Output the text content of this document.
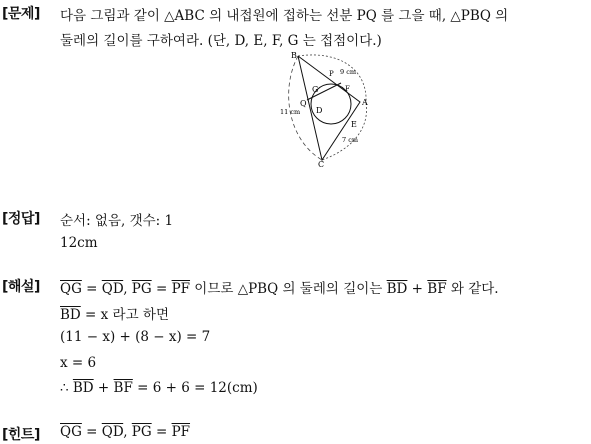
[문제] 다음 그림과 같이 △ABC 의 내접원에 접하는 선분 PQ 를 그을 때, △PBQ 의
둘레의 길이를 구하여라. (단, D, E, F, G 는 접점이다.)
B
A
C
P
Q
D
E
F
G
9 cm
11 cm
7 cm
[정답] 순서: 없음, 갯수: 1
12cm
[해설] $\overline{QG} = \overline{QD}$, $\overline{PG} = \overline{PF}$ 이므로 △PBQ 의 둘레의 길이는 $\overline{BD} + \overline{BF}$ 와 같다.
$\overline{BD} = x$ 라고 하면
(11 − x) + (8 − x) = 7
x = 6
∴ $\overline{BD} + \overline{BF} = 6 + 6 = 12(cm)$
[힌트] $\overline{QG} = \overline{QD}$, $\overline{PG} = \overline{PF}$
